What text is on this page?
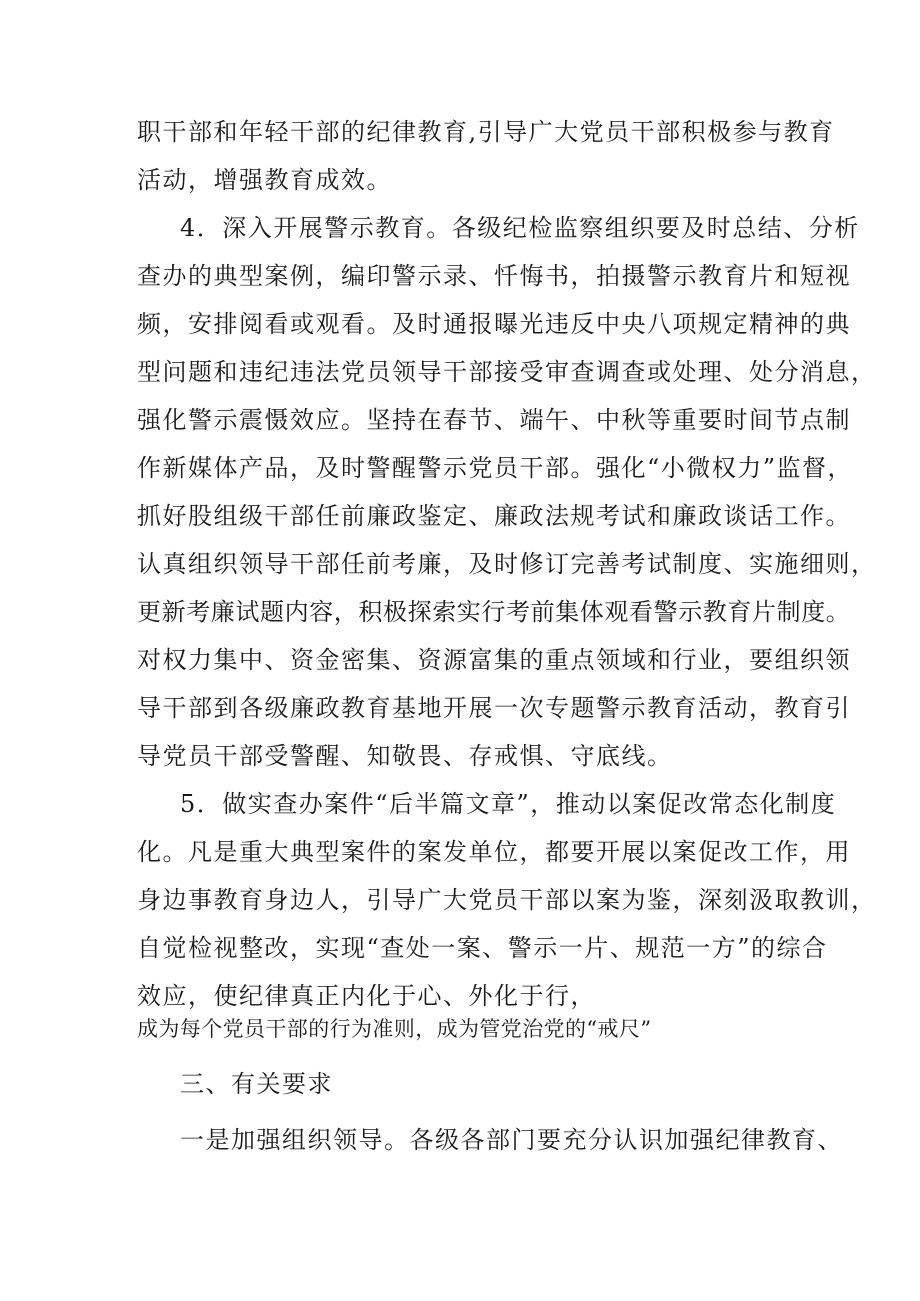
职干部和年轻干部的纪律教育,引导广大党员干部积极参与教育
活动，增强教育成效。
4．深入开展警示教育。各级纪检监察组织要及时总结、分析
查办的典型案例，编印警示录、忏悔书，拍摄警示教育片和短视
频，安排阅看或观看。及时通报曝光违反中央八项规定精神的典
型问题和违纪违法党员领导干部接受审查调查或处理、处分消息，
强化警示震慑效应。坚持在春节、端午、中秋等重要时间节点制
作新媒体产品，及时警醒警示党员干部。强化“小微权力”监督，
抓好股组级干部任前廉政鉴定、廉政法规考试和廉政谈话工作。
认真组织领导干部任前考廉，及时修订完善考试制度、实施细则，
更新考廉试题内容，积极探索实行考前集体观看警示教育片制度。
对权力集中、资金密集、资源富集的重点领域和行业，要组织领
导干部到各级廉政教育基地开展一次专题警示教育活动，教育引
导党员干部受警醒、知敬畏、存戒惧、守底线。
5．做实查办案件“后半篇文章”，推动以案促改常态化制度
化。凡是重大典型案件的案发单位，都要开展以案促改工作，用
身边事教育身边人，引导广大党员干部以案为鉴，深刻汲取教训，
自觉检视整改，实现“查处一案、警示一片、规范一方”的综合
效应，使纪律真正内化于心、外化于行，
成为每个党员干部的行为准则，成为管党治党的“戒尺”
三、有关要求
一是加强组织领导。各级各部门要充分认识加强纪律教育、
